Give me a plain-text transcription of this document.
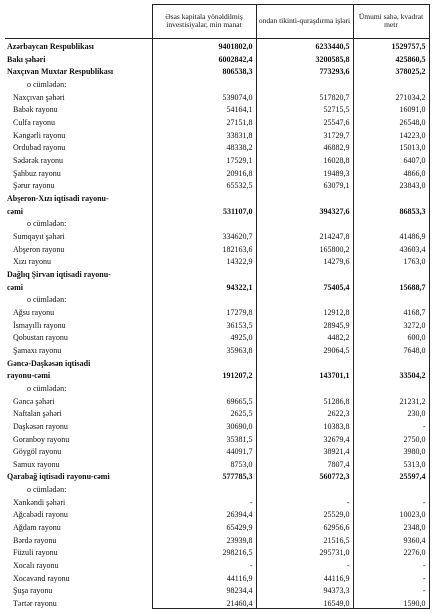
	Əsas kapitala yönəldilmiş investisiyalar, min manat	ondan tikinti-quraşdırma işləri	Ümumi sahə, kvadrat metr
Azərbaycan Respublikası	9401802,0	6233440,5	1529757,5
Bakı şəhəri	6002842,4	3200585,8	425860,5
Naxçıvan Muxtar Respublikası	806538,3	773293,6	378025,2
o cümlədən:			
Naxçıvan şəhəri	539074,0	517820,7	271034,2
Babək rayonu	54164,1	52715,5	16091,0
Culfa rayonu	27151,8	25547,6	26548,0
Kəngərli rayonu	33831,8	31729,7	14223,0
Ordubad rayonu	48338,2	46882,9	15013,0
Sədərək rayonu	17529,1	16028,8	6407,0
Şahbuz rayonu	20916,8	19489,3	4866,0
Şərur rayonu	65532,5	63079,1	23843,0
Abşeron-Xızı iqtisadi rayonu-			
cəmi	531107,0	394327,6	86853,3
o cümlədən:			
Sumqayıt şəhəri	334620,7	214247,8	41486,9
Abşeron rayonu	182163,6	165800,2	43603,4
Xızı rayonu	14322,9	14279,6	1763,0
Dağlıq Şirvan iqtisadi rayonu-			
cəmi	94322,1	75405,4	15688,7
o cümlədən:			
Ağsu rayonu	17279,8	12912,8	4168,7
İsmayıllı rayonu	36153,5	28945,9	3272,0
Qobustan rayonu	4925,0	4482,2	600,0
Şamaxı rayonu	35963,8	29064,5	7648,0
Gəncə-Daşkəsən iqtisadi			
rayonu-cəmi	191207,2	143701,1	33504,2
o cümlədən:			
Gəncə şəhəri	69665,5	51286,8	21231,2
Naftalan şəhəri	2625,5	2622,3	230,0
Daşkəsən rayonu	30690,0	10383,8	-
Goranboy rayonu	35381,5	32679,4	2750,0
Göygöl rayonu	44091,7	38921,4	3980,0
Samux rayonu	8753,0	7807,4	5313,0
Qarabağ iqtisadi rayonu-cəmi	577785,3	560772,3	25597,4
o cümlədən:			
Xankəndi şəhəri	-	-	-
Ağcabədi rayonu	26394,4	25529,0	10023,0
Ağdam rayonu	65429,9	62956,6	2348,0
Bərdə rayonu	23939,8	21516,5	9360,4
Füzuli rayonu	298216,5	295731,0	2276,0
Xocalı rayonu	-	-	-
Xocavənd rayonu	44116,9	44116,9	-
Şuşa rayonu	98234,4	94373,3	-
Tərtər rayonu	21460,4	16549,0	1590,0
